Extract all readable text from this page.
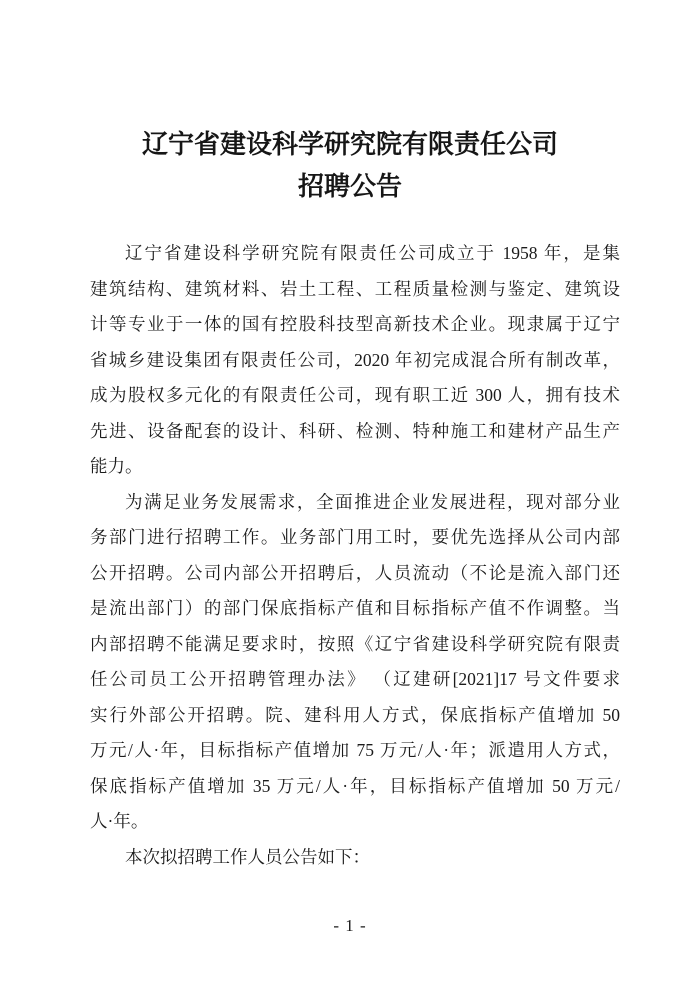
辽宁省建设科学研究院有限责任公司
招聘公告
辽宁省建设科学研究院有限责任公司成立于 1958 年，是集
建筑结构、建筑材料、岩土工程、工程质量检测与鉴定、建筑设
计等专业于一体的国有控股科技型高新技术企业。现隶属于辽宁
省城乡建设集团有限责任公司，2020 年初完成混合所有制改革，
成为股权多元化的有限责任公司，现有职工近 300 人，拥有技术
先进、设备配套的设计、科研、检测、特种施工和建材产品生产
能力。
为满足业务发展需求，全面推进企业发展进程，现对部分业
务部门进行招聘工作。业务部门用工时，要优先选择从公司内部
公开招聘。公司内部公开招聘后，人员流动（不论是流入部门还
是流出部门）的部门保底指标产值和目标指标产值不作调整。当
内部招聘不能满足要求时，按照《辽宁省建设科学研究院有限责
任公司员工公开招聘管理办法》 （辽建研[2021]17 号文件要求
实行外部公开招聘。院、建科用人方式，保底指标产值增加 50
万元/人·年，目标指标产值增加 75 万元/人·年；派遣用人方式，
保底指标产值增加 35 万元/人·年，目标指标产值增加 50 万元/
人·年。
本次拟招聘工作人员公告如下：
- 1 -
